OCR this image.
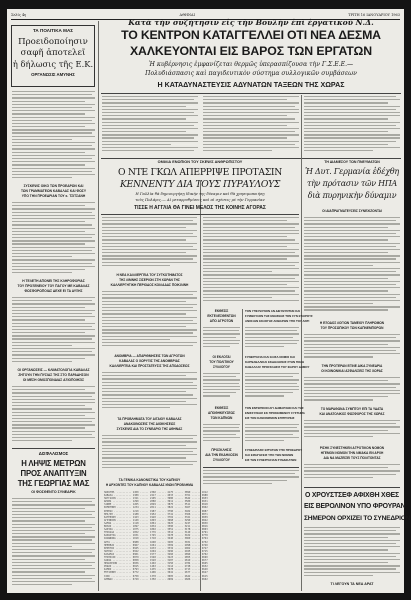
Σελίς 4η	ΑΘΗΝΑΙ	ΤΡΙΤΗ 16 ΙΑΝΟΥΑΡΙΟΥ 1963
Κατὰ τὴν συζήτησιν εἰς τὴν Βουλὴν ἐπὶ ἐργατικοῦ Ν.Δ.
ΤΟ ΚΕΝΤΡΟΝ ΚΑΤΑΓΓΕΛΛΕΙ ΟΤΙ ΝΕΑ ΔΕΣΜΑ
ΧΑΛΚΕΥΟΝΤΑΙ ΕΙΣ ΒΑΡΟΣ ΤΩΝ ΕΡΓΑΤΩΝ
Ἡ κυβέρνησις ἐμφανίζεται θερμῶς ὑπερασπίζουσα τὴν Γ.Σ.Ε.Ε.—
Πολυδιάσπασις καὶ παγιδευτικὸν σύστημα συλλογικῶν συμβάσεων
Η ΚΑΤΑΔΥΝΑΣΤΕΥΣΙΣ ΑΔΥΝΑΤΩΝ ΤΑΞΕΩΝ ΤΗΣ ΧΩΡΑΣ
ΤΑ ΠΟΛΙΤΙΚΑ ΜΑΣ
Προειδοποίησιν
σαφῆ ἀποτελεῖ
ἡ δήλωσις τῆς Ε.Κ.
ΟΡΓΑΝΩΣΙΣ ΑΜΥΝΗΣ
ΣΥΣΚΕΨΙΣ ΟΙΚΟ ΤΩΝ ΠΡΟΕΔΡΩΝ ΚΑΙ
ΤΩΝ ΓΡΑΜΜΑΤΕΩΝ ΚΑΒΑΛΑΣ ΚΑΙ ΦΩΣΥ
ΥΠΟ ΤΗΝ ΠΡΟΕΔΡΙΑΝ ΤΟΥ κ. ΤΣΙΤΣΑΝΗ
Η ΤΕΛΕΤΗ ΑΠΟΝΕΙ ΤΗΣ ΚΛΗΡΟΦΟΡΙΑΣ
ΤΟΥ ΠΡΟΞΕΝΕΙΟΥ ΤΟΥ ΠΑΓΟΥ ΜΕ ΚΑΒΑΛΑΣ
ΦΩΣΦΟΡΩΠΟΙΑΣ ΔΕΧΕ ΕΙ ΤΑ ΑΥΞΗΣ
ΟΙ ΟΡΓΑΝΩΣΕΙΣ — ΚΛΙΜΑΤΟΛΟΓΙΑ ΚΑΒΑΛΑΣ
ΖΗΤΟΥΝ ΤΗΝ ΠΥΣΙΑΣ ΤΗΣ ΣΤΟ ΠΑΡΑΔΗΣΟΝ
ΟΙ ΜΕΣΗ ΟΜΟΣΠΟΝΔΙΑΣ ΑΞΙΟΠΟΙΗΣΙΣ
ΔΙΣΦΑΛΙΣΜΟΣ
Η ΛΗΨΙΣ ΜΕΤΡΩΝ
ΠΡΟΣ ΑΝΑΠΤΥΞΙΝ
ΤΗΣ ΓΕΩΡΓΙΑΣ ΜΑΣ
ΟΙ ΦΟΣΘΕΝΤΟ ΣΥΝΕΔΡΙΚ
ΟΜΙΛΙΑ ΕΝΩΠΙΟΝ ΤΟΥ ΣΚΕΨΙΣ ΑΝΘΡΩΠΙΣΤΟΥ
Ο ΝΤΕ ΓΚΩΛ ΑΠΕΡΡΙΨΕ ΠΡΟΤΑΣΙΝ
ΚΕΝΝΕΝΤΥ ΔΙΑ ΤΟΥΣ ΠΥΡΑΥΛΟΥΣ
Η Γαλλία θὰ δημιουργήσῃ ἰδικήν της δύναμιν καὶ θὰ χρησιμοποιήσῃ
τοὺς Πολάρις.— Αἱ μεταρρυθμίσεις καὶ αἱ σχέσεις μὲ τὴν Γερμανίαν
ΤΙΣΣΕ Η ΑΓΓΛΙΑ ΘΑ ΓΙΝΕΙ ΜΕΛΟΣ ΤΗΣ ΚΟΙΝΗΣ ΑΓΟΡΑΣ
Η ΝΕΑ ΚΑΛΛΙΕΡΓΕΙΑ ΤΟΥ ΣΥΓΚΟΤΗΜΑΤΟΣ
ΤΗΣ ΛΙΜΝΗΣ ΣΙΣΕΡΙΟΝ ΣΤΗ ΧΩΡΑΝ ΤΗΣ
ΚΑΛΛΙΕΡΓΗΤΙΚΗ ΠΕΡΙΟΔΟΣ ΚΟΙΛΑΔΑΣ ΠΟΙΚΙΛΙΝΗ
ΑΝΟΜΒΡΙΑ — ΑΠΑΡΙΘΜΗΣΕΙΣ ΤΩΝ ΑΓΡΟΤΩΝ
ΚΑΒΑΛΑΣ Ο ΧΩΡΥΞΙΣ ΤΗΣ ΑΝΟΜΒΡΙΑΣ
ΚΑΛΛΙΕΡΓΕΙΑ ΚΑΙ ΠΡΟΣΤΑΤΕΥΣΙΣ ΤΗΣ ΑΠΟΔΟΣΕΩΣ
ΤΑ ΠΡΟΒΛΗΜΑΤΑ ΤΟΥ ΑΙΓΑΙΟΥ ΚΑΒΑΛΑΣ
ΑΝΑΚΟΙΝΩΣΕΙΣ ΤΗΣ ΔΙΟΙΚΗΣΕΩΣ
ΣΥΣΚΕΨΙΣ ΔΙΑ ΤΟ ΣΥΝΕΔΡΙΟ ΤΗΣ ΑΘΗΝΑΣ
ΤΑ ΓΕΝΙΚΑ ΚΑΝΟΝΙΣΤΙΚΑ ΤΟΥ ΚΑΠΝΟΥ
Η ΑΡΧΟΝΤΕΣ ΤΟΥ ΚΑΠΝΟΥ ΚΑΒΑΛΑΣ ΙΘΩΝ ΠΡΟΒΛΗΜΑ
ΠΑΡΑΤΗΡ. .......... 1450 ...... 2360 ...... 4175 ...... 3890 ...... 1012
ΚΑΒΑΛΑ ............ 1380 ...... 2217 ...... 4033 ...... 3761 ...... 0988
ΠΑΓΓΑΙΟΝ .......... 1321 ...... 2105 ...... 3980 ...... 3642 ...... 0953
ΔΡΑΜΑ ............. 1290 ...... 2080 ...... 3911 ...... 3580 ...... 0931
ΞΑΝΘΗ ............. 1265 ...... 2049 ...... 3875 ...... 3511 ...... 0918
ΚΟΜΟΤΗΝΗ .......... 1234 ...... 2011 ...... 3822 ...... 3467 ...... 0902
ΣΕΡΡΑΙ ............ 1210 ...... 1987 ...... 3790 ...... 3402 ...... 0887
ΘΕΣ/ΚΗ ............ 1188 ...... 1952 ...... 3741 ...... 3366 ...... 0871
ΚΑΤΕΡΙΝΗ .......... 1163 ...... 1920 ...... 3702 ...... 3321 ...... 0859
ΑΓΡΙΝΙΟΝ .......... 1140 ...... 1893 ...... 3668 ...... 3290 ...... 0842
ΛΑΜΙΑ ............. 1118 ...... 1861 ...... 3625 ...... 3247 ...... 0830
ΒΟΛΟΣ ............. 1097 ...... 1834 ...... 3590 ...... 3211 ...... 0816
ΛΑΡΙΣΑ ............ 1075 ...... 1802 ...... 3551 ...... 3178 ...... 0803
ΤΡΙΚΑΛΑ ........... 1052 ...... 1776 ...... 3512 ...... 3140 ...... 0791
ΚΑΡΔΙΤΣΑ .......... 1031 ...... 1745 ...... 3478 ...... 3102 ...... 0778
ΙΩΑΝΝΙΝΑ .......... 1010 ...... 1718 ...... 3440 ...... 3069 ...... 0764
ΑΡΤΑ .............. 0988 ...... 1690 ...... 3405 ...... 3031 ...... 0752
ΠΡΕΒΕΖΑ ........... 0967 ...... 1661 ...... 3369 ...... 2998 ...... 0740
ΚΕΡΚΥΡΑ ........... 0945 ...... 1633 ...... 3332 ...... 2962 ...... 0727
ΠΑΤΡΑΙ ............ 0922 ...... 1604 ...... 3296 ...... 2925 ...... 0715
ΚΑΛΑΜΑΙ ........... 0901 ...... 1577 ...... 3260 ...... 2890 ...... 0702
ΤΡΙΠΟΛΙΣ .......... 0879 ...... 1548 ...... 3223 ...... 2855 ...... 0690
ΧΑΝΙΑ ............. 0858 ...... 1520 ...... 3187 ...... 2819 ...... 0677
ΗΡΑΚΛΕΙΟΝ ......... 0836 ...... 1492 ...... 3150 ...... 2784 ...... 0665
ΡΟΔΟΣ ............. 0815 ...... 1463 ...... 3114 ...... 2748 ...... 0652
ΣΑΜΟΣ ............. 0793 ...... 1435 ...... 3078 ...... 2713 ...... 0640
ΜΥΤΙΛΗΝΗ .......... 0772 ...... 1406 ...... 3041 ...... 2677 ...... 0627
ΧΙΟΣ .............. 0750 ...... 1378 ...... 3005 ...... 2642 ...... 0615
ΑΘΗΝΑΙ ............ 0729 ...... 1350 ...... 2969 ...... 2606 ...... 0602
ΕΚΘΕΣΙΣ
ΕΚΤΕΛΕΣΘΕΝΤΩΝ
ΑΠΟ ΑΓΡΟΤΩΝ
ΟΙ ΕΚΛΟΓΑΙ
ΤΟΥ ΠΟΛΙΤΙΚΟΥ
ΣΥΛΛΟΓΟΥ
ΕΚΘΕΣΙΣ
ΑΠΟΘΗΚΕΥΣΕΩΣ
ΤΩΝ ΚΑΠΝΩΝ
ΠΡΟΣΚΛΗΣΙΣ
ΔΙΑ ΤΗΝ ΕΚΔΗΛΩΣΙΝ
ΣΥΛΛΟΓΟΥ
ΤΟΝ ΥΠΕΥΘΥΝΟΝ ΑΝ ΔΙΕΥΘΥΝΤΗΝ ΚΑΙ
ΣΥΜΒΟΥΛΟΝ ΤΗΣ ΕΝΩΣΕΩΣ ΤΟΝ ΣΥΝ ΕΤΑΙΡΟΥΣ
ΑΝΟΙΞΗΝ ΕΚΛΟΓΗΣ ΑΝΘΑΡΩΝ ΥΠΟ ΤΟΥ ΑΝΤΙ
ΣΥΝΕΡΓΑΣΙΑΙ ΚΑΙ ΕΛΙΣΑ ΝΟΜΟΙ ΚΑΙ
ΚΑΡΝΑΒΑΛΙΚΑΙ ΕΚΔΗΛΩΣΕΙΣ ΣΤΗΝ ΠΟΛΗ
ΚΑΒΑΛΛΑΣ ΠΡΟΣΚΛΗΣΙΣ ΤΟΥ ΦΑΡΟΥ ΔΗΜΟΥ
ΤΟΝ ΕΝΤΕΡΙΚΟΝ ΑΓΙ ΔΗΜΑΡΧΩΝ ΚΑΙ ΤΗΣ
ΕΝΙΣΧΥΣΕΩΣ ΕΚ ΠΡΟΚΕΙΜΕΝΟΥ ΣΥΣΤΗΜΑ
ΕΙΣ ΤΟΝ ΚΑΝΟΝΙΣΜΟΝ ΕΠΙΤΡΟΠΗΣ
ΣΥΝΕΔΡΙΑΣΙΣ ΕΡΓΑΤΩΝ ΥΠΟ ΠΡΟΕΔΡΟΥ
ΚΑΙ ΕΙΣΗΓΗΣΕΙΣ ΥΠΟ ΤΩΝ ΝΟΜΩΝ
ΕΙΣ ΤΗΝ ΣΥΝΕΡΓΑΣΙΑΝ ΣΥΝΔΙΚΑΤΩΝ
ΤΗ ΔΙΑΜΕΣΟΥ ΤΩΝ ΠΝΕΥΜΑΤΩΝ
Ἡ Δυτ. Γερμανία ἐδέχθη
τὴν πρότασιν τῶν ΗΠΑ
διὰ πυρηνικὴν δύναμιν
ΟΙ ΔΙΑΠΡΑΓΜΑΤΕΥΣΕΙΣ ΣΥΝΕΧΙΖΟΝΤΑΙ
Η ΕΞΟΔΟΣ ΛΟΓΙΩΝ ΤΑΜΕΙΟΥ ΠΛΗΡΩΜΩΝ
ΤΟΥ ΠΡΟΣΩΠΙΚΟΥ ΤΩΝ ΚΑΠΝΕΜΠΟΡΩΝ
ΤΗΝ ΠΡΟΤΕΡΑΝ ΕΓΙΝΕ ΔΙΚΑ ΣΥΝΕΔΡΙΑ
ΟΙ ΚΟΙΝΩΝΙΚΑΙ ΑΣΦΑΛΙΣΕΙΣ ΤΗΣ ΧΩΡΑΣ
ΤΟ ΜΑΡΑΘΩΝΑ ΣΥΜΠΤΟΥ ΕΠΙ ΤΑ ΥΔΑΤΑ
ΚΑΙ ΑΝΑΤΟΛΙΚΟΣ ΦΩΣΦΟΡΟΣ ΤΗΣ ΧΩΡΑΣ
ΡΙΣΗΚ ΣΥΝΕΣΤΗΚΕΝ ΑΓΡΟΤΙΚΟΝ ΝΟΜΟΝ
ΗΓΕΜΟΝ ΝΟΜΟΝ ΤΗΝ ΛΙΜΑΚΑ ΕΝ ΑΡΧΗ
ΔΙΑ ΝΑ ΜΑΖΕΙΣΕΙ ΤΟΥΣ ΠΟΛΙΤΟΝΤΑΣ
Ο ΧΡΟΥΣΤΣΕΦ ΑΦΙΧΘΗ ΧΘΕΣ
ΕΙΣ ΒΕΡΟΛΙΝΟΝ ΥΠΟ ΦΡΟΥΡΑΝ
ΣΗΜΕΡΟΝ ΟΡΧΙΖΕΙ ΤΟ ΣΥΝΕΔΡΙΟΝ
ΤΙ ΛΕΓΟΥΝ ΤΑ ΝΕΑ ΑΡΑΤ
